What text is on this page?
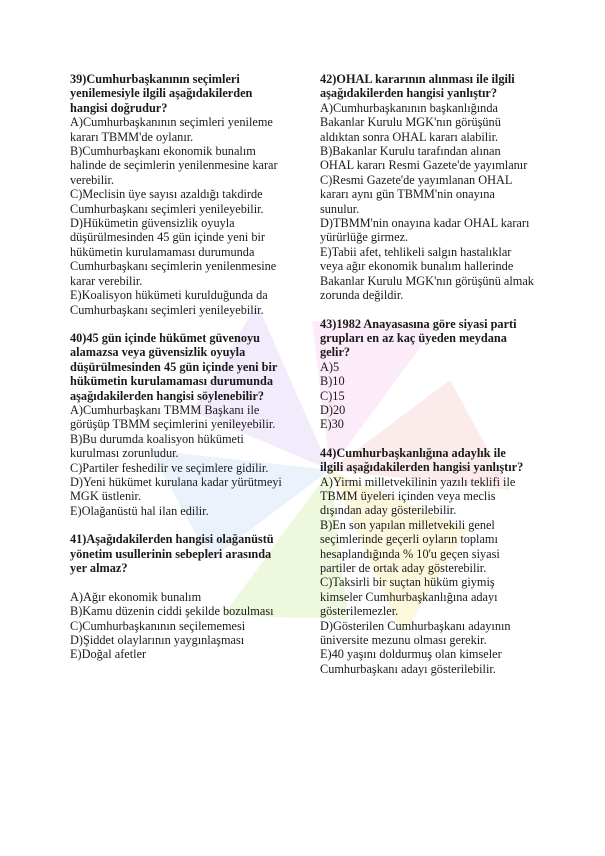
39)Cumhurbaşkanının seçimleri
yenilemesiyle ilgili aşağıdakilerden
hangisi doğrudur?
A)Cumhurbaşkanının seçimleri yenileme
kararı TBMM'de oylanır.
B)Cumhurbaşkanı ekonomik bunalım
halinde de seçimlerin yenilenmesine karar
verebilir.
C)Meclisin üye sayısı azaldığı takdirde
Cumhurbaşkanı seçimleri yenileyebilir.
D)Hükümetin güvensizlik oyuyla
düşürülmesinden 45 gün içinde yeni bir
hükümetin kurulamaması durumunda
Cumhurbaşkanı seçimlerin yenilenmesine
karar verebilir.
E)Koalisyon hükümeti kurulduğunda da
Cumhurbaşkanı seçimleri yenileyebilir.
40)45 gün içinde hükümet güvenoyu
alamazsa veya güvensizlik oyuyla
düşürülmesinden 45 gün içinde yeni bir
hükümetin kurulamaması durumunda
aşağıdakilerden hangisi söylenebilir?
A)Cumhurbaşkanı TBMM Başkanı ile
görüşüp TBMM seçimlerini yenileyebilir.
B)Bu durumda koalisyon hükümeti
kurulması zorunludur.
C)Partiler feshedilir ve seçimlere gidilir.
D)Yeni hükümet kurulana kadar yürütmeyi
MGK üstlenir.
E)Olağanüstü hal ilan edilir.
41)Aşağıdakilerden hangisi olağanüstü
yönetim usullerinin sebepleri arasında
yer almaz?
A)Ağır ekonomik bunalım
B)Kamu düzenin ciddi şekilde bozulması
C)Cumhurbaşkanının seçilememesi
D)Şiddet olaylarının yaygınlaşması
E)Doğal afetler
42)OHAL kararının alınması ile ilgili
aşağıdakilerden hangisi yanlıştır?
A)Cumhurbaşkanının başkanlığında
Bakanlar Kurulu MGK'nın görüşünü
aldıktan sonra OHAL kararı alabilir.
B)Bakanlar Kurulu tarafından alınan
OHAL kararı Resmi Gazete'de yayımlanır
C)Resmi Gazete'de yayımlanan OHAL
kararı aynı gün TBMM'nin onayına
sunulur.
D)TBMM'nin onayına kadar OHAL kararı
yürürlüğe girmez.
E)Tabii afet, tehlikeli salgın hastalıklar
veya ağır ekonomik bunalım hallerinde
Bakanlar Kurulu MGK'nın görüşünü almak
zorunda değildir.
43)1982 Anayasasına göre siyasi parti
grupları en az kaç üyeden meydana
gelir?
A)5
B)10
C)15
D)20
E)30
44)Cumhurbaşkanlığına adaylık ile
ilgili aşağıdakilerden hangisi yanlıştır?
A)Yirmi milletvekilinin yazılı teklifi ile
TBMM üyeleri içinden veya meclis
dışından aday gösterilebilir.
B)En son yapılan milletvekili genel
seçimlerinde geçerli oyların toplamı
hesaplandığında % 10'u geçen siyasi
partiler de ortak aday gösterebilir.
C)Taksirli bir suçtan hüküm giymiş
kimseler Cumhurbaşkanlığına adayı
gösterilemezler.
D)Gösterilen Cumhurbaşkanı adayının
üniversite mezunu olması gerekir.
E)40 yaşını doldurmuş olan kimseler
Cumhurbaşkanı adayı gösterilebilir.
